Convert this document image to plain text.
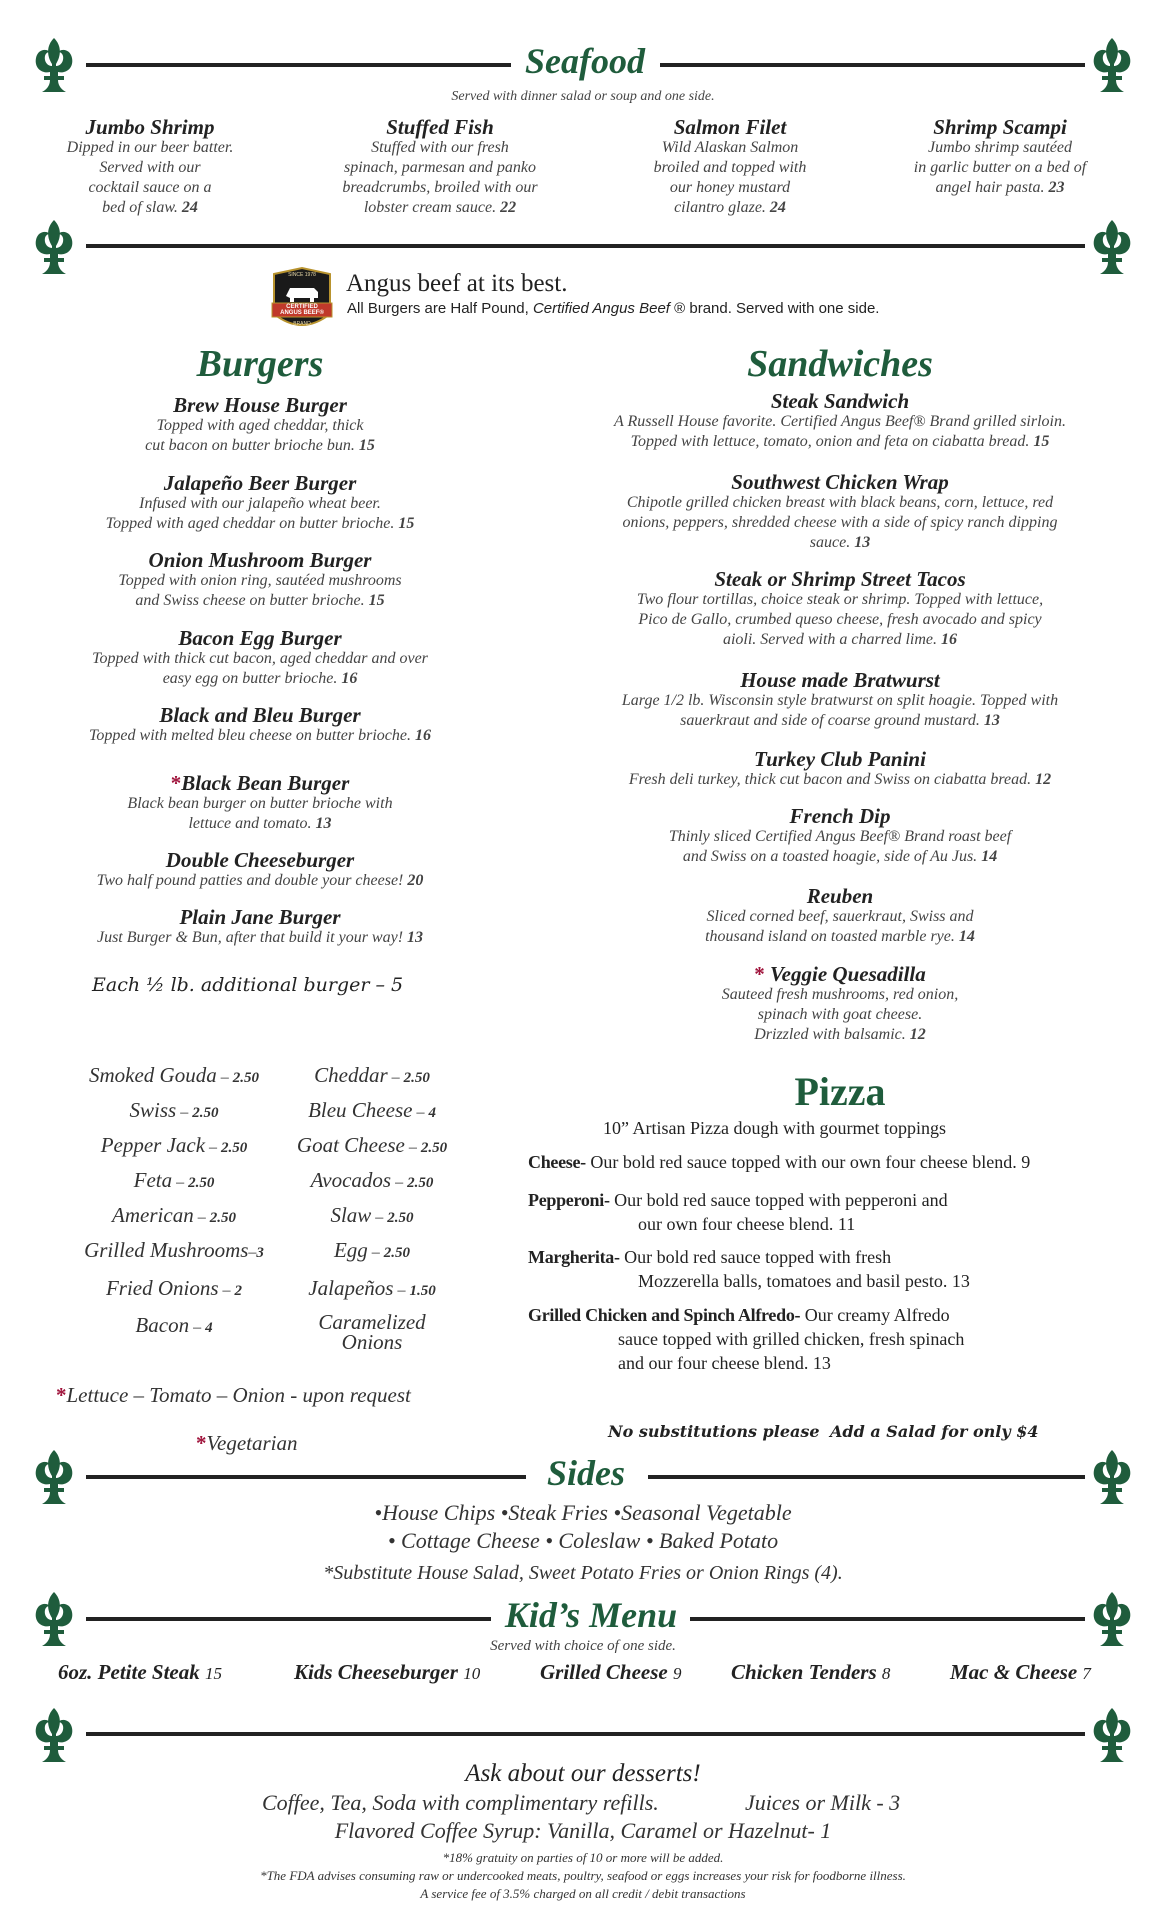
Seafood
Served with dinner salad or soup and one side.
Jumbo Shrimp
Dipped in our beer batter.
Served with our
cocktail sauce on a
bed of slaw. 24
Stuffed Fish
Stuffed with our fresh
spinach, parmesan and panko
breadcrumbs, broiled with our
lobster cream sauce. 22
Salmon Filet
Wild Alaskan Salmon
broiled and topped with
our honey mustard
cilantro glaze. 24
Shrimp Scampi
Jumbo shrimp sautéed
in garlic butter on a bed of
angel hair pasta. 23
SINCE 1978
CERTIFIED
ANGUS BEEF®
BRAND
Angus beef at its best.
All Burgers are Half Pound, Certified Angus Beef ® brand. Served with one side.
Burgers
Brew House Burger
Topped with aged cheddar, thick
cut bacon on butter brioche bun. 15
Jalapeño Beer Burger
Infused with our jalapeño wheat beer.
Topped with aged cheddar on butter brioche. 15
Onion Mushroom Burger
Topped with onion ring, sautéed mushrooms
and Swiss cheese on butter brioche. 15
Bacon Egg Burger
Topped with thick cut bacon, aged cheddar and over
easy egg on butter brioche. 16
Black and Bleu Burger
Topped with melted bleu cheese on butter brioche. 16
*Black Bean Burger
Black bean burger on butter brioche with
lettuce and tomato. 13
Double Cheeseburger
Two half pound patties and double your cheese! 20
Plain Jane Burger
Just Burger & Bun, after that build it your way! 13
Each ½ lb. additional burger – 5
Smoked Gouda – 2.50	Cheddar – 2.50
Swiss – 2.50	Bleu Cheese – 4
Pepper Jack – 2.50	Goat Cheese – 2.50
Feta – 2.50	Avocados – 2.50
American – 2.50	Slaw – 2.50
Grilled Mushrooms–3	Egg – 2.50
Fried Onions – 2	Jalapeños – 1.50
Bacon – 4	Caramelized Onions
*Lettuce – Tomato – Onion - upon request
*Vegetarian
Sandwiches
Steak Sandwich
A Russell House favorite. Certified Angus Beef® Brand grilled sirloin.
Topped with lettuce, tomato, onion and feta on ciabatta bread. 15
Southwest Chicken Wrap
Chipotle grilled chicken breast with black beans, corn, lettuce, red
onions, peppers, shredded cheese with a side of spicy ranch dipping
sauce. 13
Steak or Shrimp Street Tacos
Two flour tortillas, choice steak or shrimp. Topped with lettuce,
Pico de Gallo, crumbed queso cheese, fresh avocado and spicy
aioli. Served with a charred lime. 16
House made Bratwurst
Large 1/2 lb. Wisconsin style bratwurst on split hoagie. Topped with
sauerkraut and side of coarse ground mustard. 13
Turkey Club Panini
Fresh deli turkey, thick cut bacon and Swiss on ciabatta bread. 12
French Dip
Thinly sliced Certified Angus Beef® Brand roast beef
and Swiss on a toasted hoagie, side of Au Jus. 14
Reuben
Sliced corned beef, sauerkraut, Swiss and
thousand island on toasted marble rye. 14
* Veggie Quesadilla
Sauteed fresh mushrooms, red onion,
spinach with goat cheese.
Drizzled with balsamic. 12
Pizza
10” Artisan Pizza dough with gourmet toppings
Cheese- Our bold red sauce topped with our own four cheese blend. 9
Pepperoni- Our bold red sauce topped with pepperoni and
our own four cheese blend. 11
Margherita- Our bold red sauce topped with fresh
Mozzerella balls, tomatoes and basil pesto. 13
Grilled Chicken and Spinch Alfredo- Our creamy Alfredo
sauce topped with grilled chicken, fresh spinach
and our four cheese blend. 13
No substitutions please Add a Salad for only $4
Sides
•House Chips •Steak Fries •Seasonal Vegetable
• Cottage Cheese • Coleslaw • Baked Potato
*Substitute House Salad, Sweet Potato Fries or Onion Rings (4).
Kid’s Menu
Served with choice of one side.
6oz. Petite Steak 15	Kids Cheeseburger 10	Grilled Cheese 9 Chicken Tenders 8	Mac & Cheese 7
Ask about our desserts!
Coffee, Tea, Soda with complimentary refills.	Juices or Milk - 3
Flavored Coffee Syrup: Vanilla, Caramel or Hazelnut- 1
*18% gratuity on parties of 10 or more will be added.
*The FDA advises consuming raw or undercooked meats, poultry, seafood or eggs increases your risk for foodborne illness.
A service fee of 3.5% charged on all credit / debit transactions
